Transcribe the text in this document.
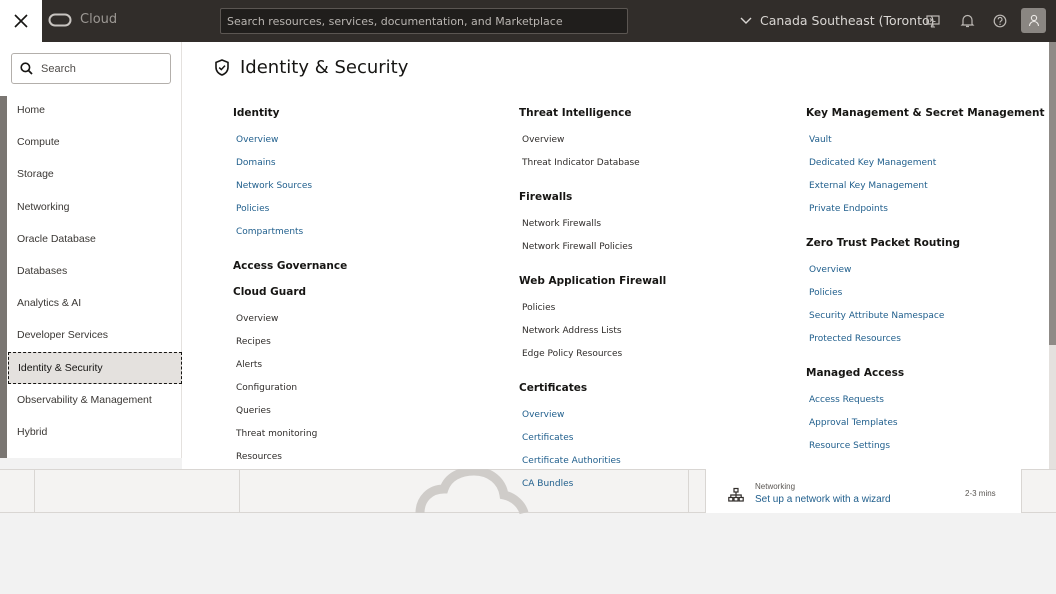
Cloud	Search resources, services, documentation, and Marketplace	Canada Southeast (Toronto)
Networking
Set up a network with a wizard
2-3 mins
Search
Home
Compute
Storage
Networking
Oracle Database
Databases
Analytics & AI
Developer Services
Identity & Security
Observability & Management
Hybrid
Identity & Security
Identity
Overview
Domains
Network Sources
Policies
Compartments
Access Governance
Cloud Guard
Overview
Recipes
Alerts
Configuration
Queries
Threat monitoring
Resources
Threat Intelligence
Overview
Threat Indicator Database
Firewalls
Network Firewalls
Network Firewall Policies
Web Application Firewall
Policies
Network Address Lists
Edge Policy Resources
Certificates
Overview
Certificates
Certificate Authorities
CA Bundles
Key Management & Secret Management
Vault
Dedicated Key Management
External Key Management
Private Endpoints
Zero Trust Packet Routing
Overview
Policies
Security Attribute Namespace
Protected Resources
Managed Access
Access Requests
Approval Templates
Resource Settings
